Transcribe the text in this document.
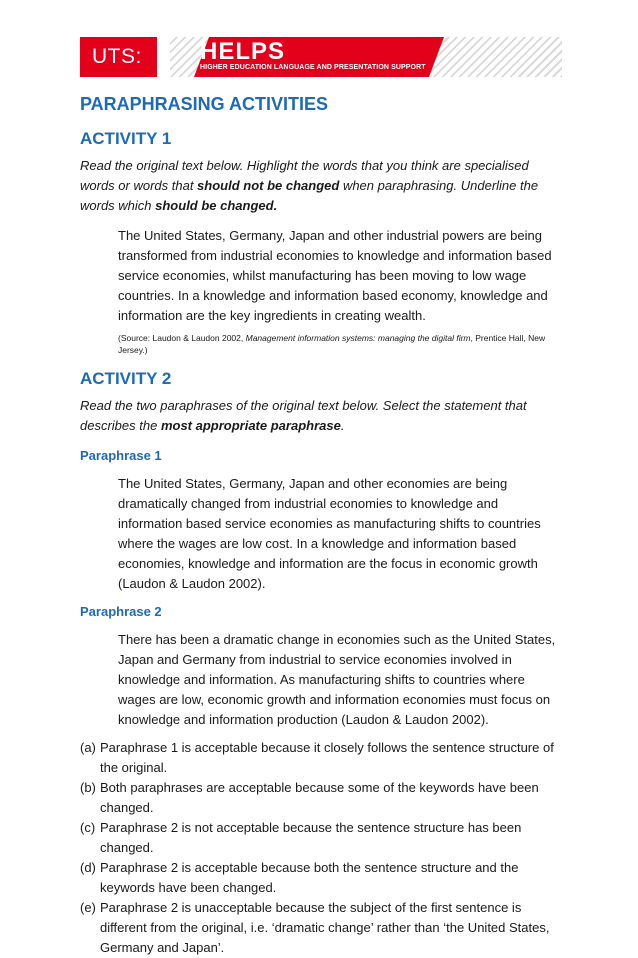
UTS: HELPS
HIGHER EDUCATION LANGUAGE AND PRESENTATION SUPPORT
PARAPHRASING ACTIVITIES
ACTIVITY 1

Read the original text below. Highlight the words that you think are specialised words or words that should not be changed when paraphrasing. Underline the words which should be changed.

The United States, Germany, Japan and other industrial powers are being transformed from industrial economies to knowledge and information based service economies, whilst manufacturing has been moving to low wage countries. In a knowledge and information based economy, knowledge and information are the key ingredients in creating wealth.

(Source: Laudon & Laudon 2002, Management information systems: managing the digital firm, Prentice Hall, New Jersey.)

ACTIVITY 2

Read the two paraphrases of the original text below. Select the statement that describes the most appropriate paraphrase.

Paraphrase 1

The United States, Germany, Japan and other economies are being dramatically changed from industrial economies to knowledge and information based service economies as manufacturing shifts to countries where the wages are low cost. In a knowledge and information based economies, knowledge and information are the focus in economic growth (Laudon & Laudon 2002).

Paraphrase 2

There has been a dramatic change in economies such as the United States, Japan and Germany from industrial to service economies involved in knowledge and information. As manufacturing shifts to countries where wages are low, economic growth and information economies must focus on knowledge and information production (Laudon & Laudon 2002).

(a) Paraphrase 1 is acceptable because it closely follows the sentence structure of the original.
(b) Both paraphrases are acceptable because some of the keywords have been changed.
(c) Paraphrase 2 is not acceptable because the sentence structure has been changed.
(d) Paraphrase 2 is acceptable because both the sentence structure and the keywords have been changed.
(e) Paraphrase 2 is unacceptable because the subject of the first sentence is different from the original, i.e. ‘dramatic change’ rather than ‘the United States, Germany and Japan’.
